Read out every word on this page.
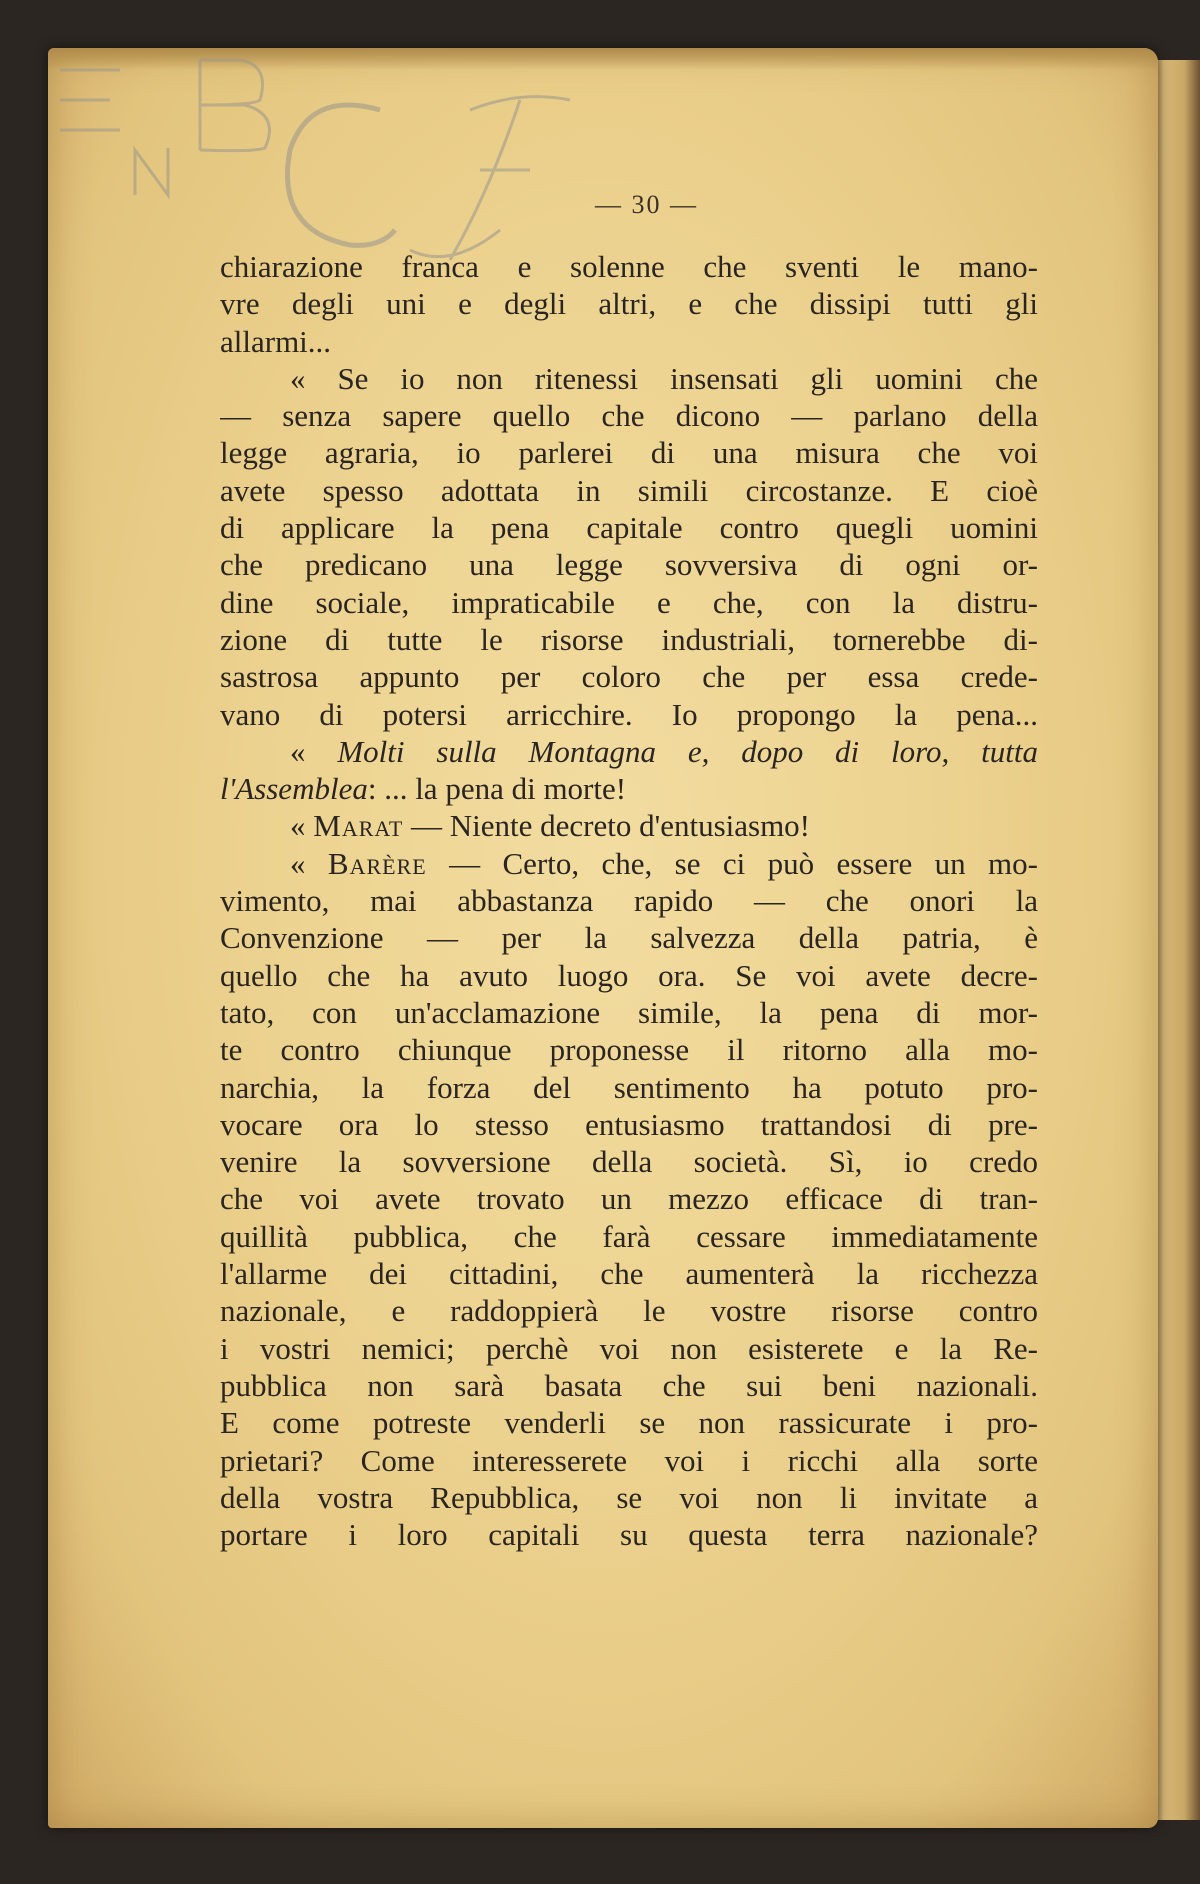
— 30 —
chiarazione franca e solenne che sventi le mano-
vre degli uni e degli altri, e che dissipi tutti gli
allarmi...
« Se io non ritenessi insensati gli uomini che
— senza sapere quello che dicono — parlano della
legge agraria, io parlerei di una misura che voi
avete spesso adottata in simili circostanze. E cioè
di applicare la pena capitale contro quegli uomini
che predicano una legge sovversiva di ogni or-
dine sociale, impraticabile e che, con la distru-
zione di tutte le risorse industriali, tornerebbe di-
sastrosa appunto per coloro che per essa crede-
vano di potersi arricchire. Io propongo la pena...
« Molti sulla Montagna e, dopo di loro, tutta
l'Assemblea: ... la pena di morte!
« Marat — Niente decreto d'entusiasmo!
« Barère — Certo, che, se ci può essere un mo-
vimento, mai abbastanza rapido — che onori la
Convenzione — per la salvezza della patria, è
quello che ha avuto luogo ora. Se voi avete decre-
tato, con un'acclamazione simile, la pena di mor-
te contro chiunque proponesse il ritorno alla mo-
narchia, la forza del sentimento ha potuto pro-
vocare ora lo stesso entusiasmo trattandosi di pre-
venire la sovversione della società. Sì, io credo
che voi avete trovato un mezzo efficace di tran-
quillità pubblica, che farà cessare immediatamente
l'allarme dei cittadini, che aumenterà la ricchezza
nazionale, e raddoppierà le vostre risorse contro
i vostri nemici; perchè voi non esisterete e la Re-
pubblica non sarà basata che sui beni nazionali.
E come potreste venderli se non rassicurate i pro-
prietari? Come interesserete voi i ricchi alla sorte
della vostra Repubblica, se voi non li invitate a
portare i loro capitali su questa terra nazionale?
